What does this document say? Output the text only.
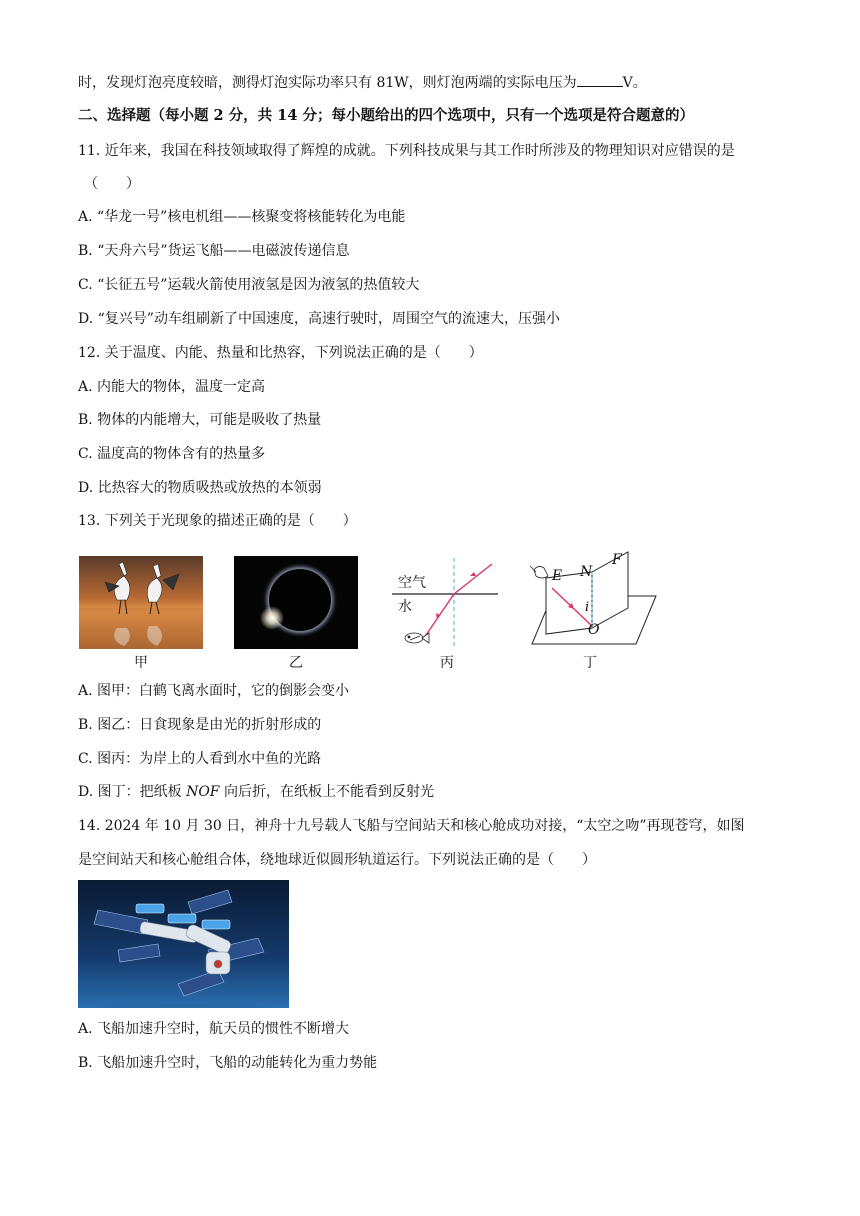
时，发现灯泡亮度较暗，测得灯泡实际功率只有 81W，则灯泡两端的实际电压为	V。
二、选择题（每小题 2 分，共 14 分；每小题给出的四个选项中，只有一个选项是符合题意的）
11. 近年来，我国在科技领域取得了辉煌的成就。下列科技成果与其工作时所涉及的物理知识对应错误的是
（　　）
A. “华龙一号”核电机组——核聚变将核能转化为电能
B. “天舟六号”货运飞船——电磁波传递信息
C. “长征五号”运载火箭使用液氢是因为液氢的热值较大
D. “复兴号”动车组刷新了中国速度，高速行驶时，周围空气的流速大，压强小
12. 关于温度、内能、热量和比热容，下列说法正确的是（　　）
A. 内能大的物体，温度一定高
B. 物体的内能增大，可能是吸收了热量
C. 温度高的物体含有的热量多
D. 比热容大的物质吸热或放热的本领弱
13. 下列关于光现象的描述正确的是（　　）
甲	乙
空气
水
丙
E N
F
i
O
丁
A. 图甲：白鹤飞离水面时，它的倒影会变小
B. 图乙：日食现象是由光的折射形成的
C. 图丙：为岸上的人看到水中鱼的光路
D. 图丁：把纸板 NOF 向后折，在纸板上不能看到反射光
14. 2024 年 10 月 30 日，神舟十九号载人飞船与空间站天和核心舱成功对接，“太空之吻”再现苍穹，如图
是空间站天和核心舱组合体，绕地球近似圆形轨道运行。下列说法正确的是（　　）
A. 飞船加速升空时，航天员的惯性不断增大
B. 飞船加速升空时，飞船的动能转化为重力势能
